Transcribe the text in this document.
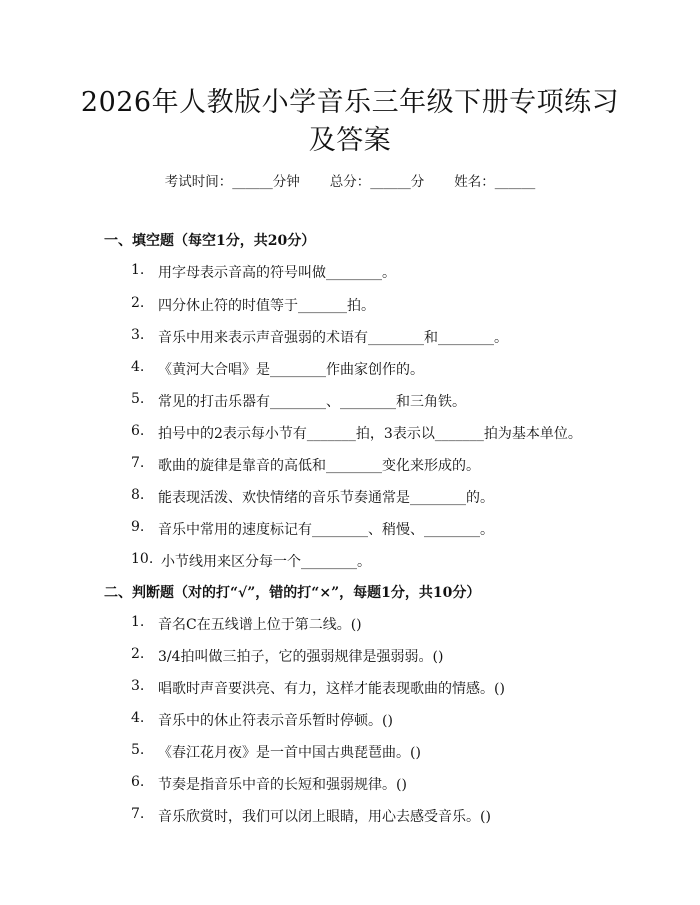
2026年人教版小学音乐三年级下册专项练习
及答案
考试时间：______分钟 总分：______分 姓名：______
一、填空题（每空1分，共20分）
1. 用字母表示音高的符号叫做________。
2. 四分休止符的时值等于_______拍。
3. 音乐中用来表示声音强弱的术语有________和________。
4. 《黄河大合唱》是________作曲家创作的。
5. 常见的打击乐器有________、________和三角铁。
6. 拍号中的2表示每小节有_______拍，3表示以_______拍为基本单位。
7. 歌曲的旋律是靠音的高低和________变化来形成的。
8. 能表现活泼、欢快情绪的音乐节奏通常是________的。
9. 音乐中常用的速度标记有________、稍慢、________。
10. 小节线用来区分每一个________。
二、判断题（对的打“√”，错的打“×”，每题1分，共10分）
1. 音名C在五线谱上位于第二线。()
2. 3/4拍叫做三拍子，它的强弱规律是强弱弱。()
3. 唱歌时声音要洪亮、有力，这样才能表现歌曲的情感。()
4. 音乐中的休止符表示音乐暂时停顿。()
5. 《春江花月夜》是一首中国古典琵琶曲。()
6. 节奏是指音乐中音的长短和强弱规律。()
7. 音乐欣赏时，我们可以闭上眼睛，用心去感受音乐。()
